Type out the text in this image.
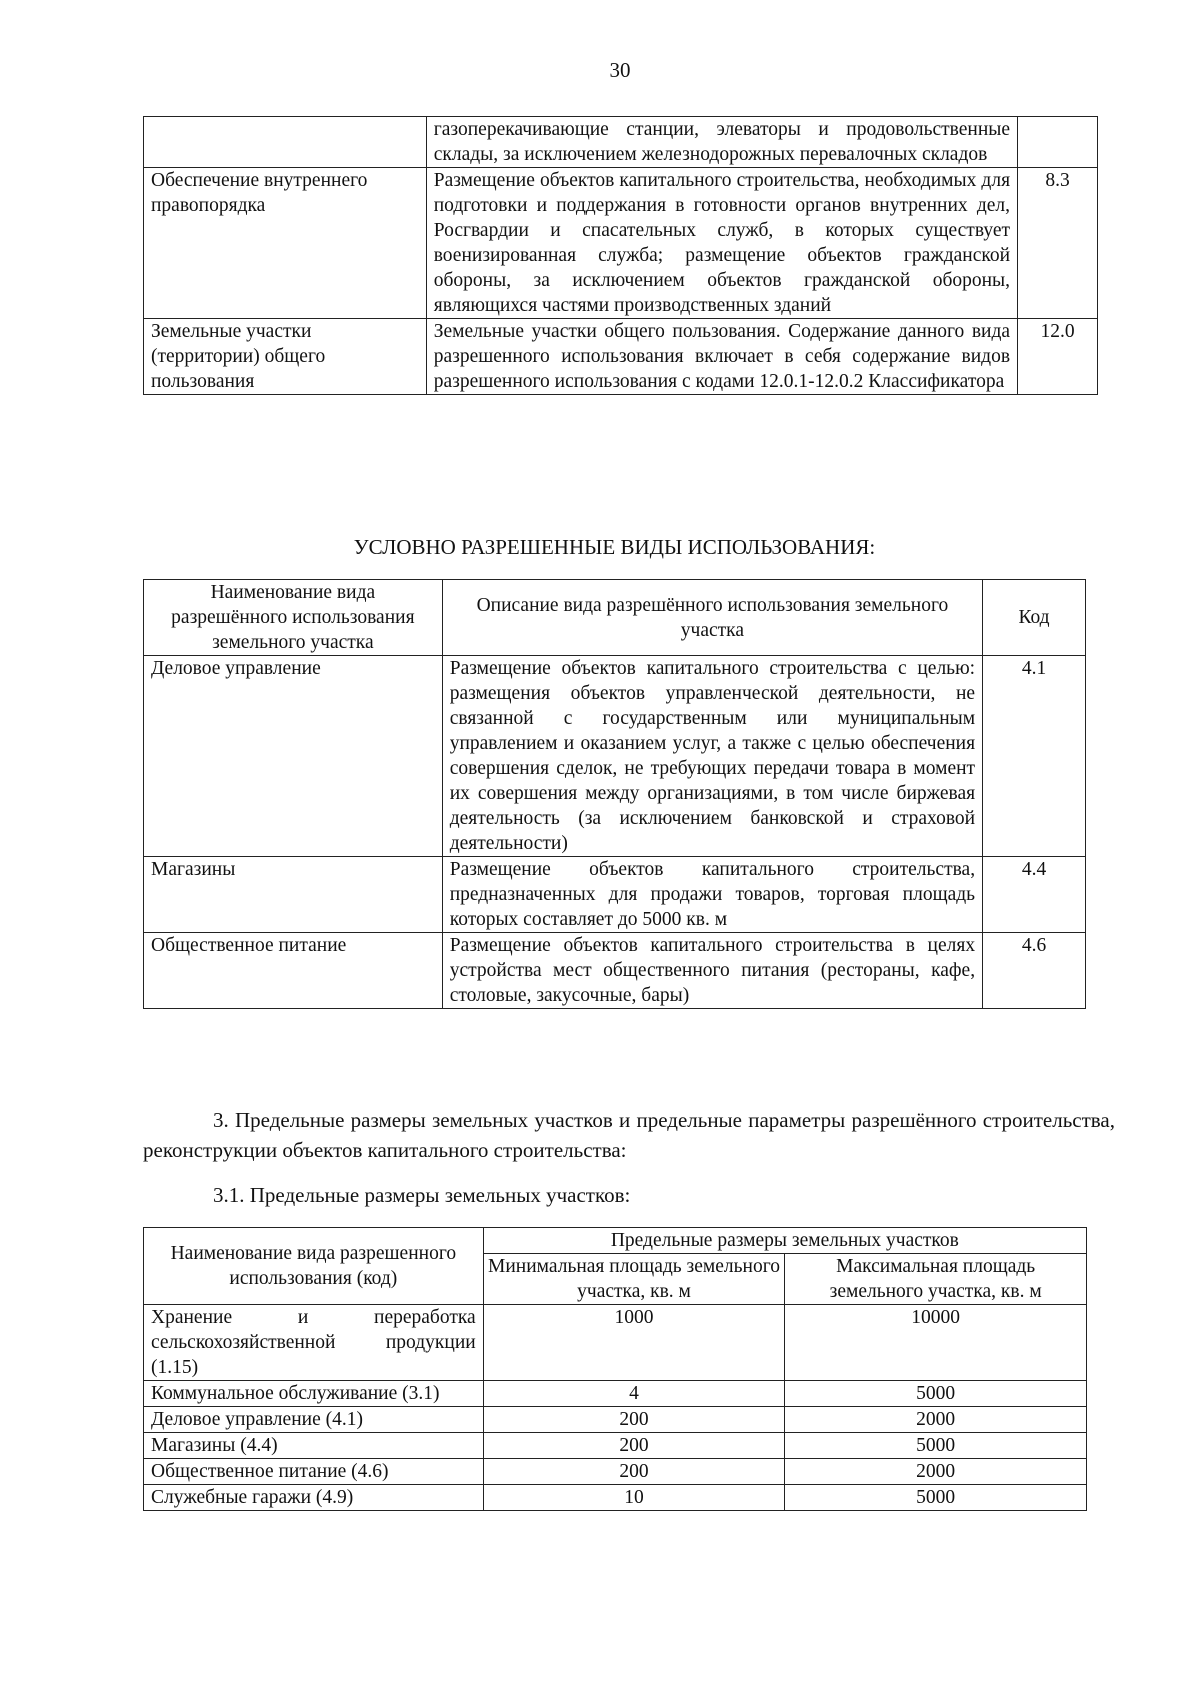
30
	газоперекачивающие станции, элеваторы и продовольственные склады, за исключением железнодорожных перевалочных складов	
Обеспечение внутреннего правопорядка	Размещение объектов капитального строительства, необходимых для подготовки и поддержания в готовности органов внутренних дел, Росгвардии и спасательных служб, в которых существует военизированная служба; размещение объектов гражданской обороны, за исключением объектов гражданской обороны, являющихся частями производственных зданий	8.3
Земельные участки (территории) общего пользования	Земельные участки общего пользования. Содержание данного вида разрешенного использования включает в себя содержание видов разрешенного использования с кодами 12.0.1-12.0.2 Классификатора	12.0
УСЛОВНО РАЗРЕШЕННЫЕ ВИДЫ ИСПОЛЬЗОВАНИЯ:
Наименование вида разрешённого использования земельного участка	Описание вида разрешённого использования земельного участка	Код
Деловое управление	Размещение объектов капитального строительства с целью: размещения объектов управленческой деятельности, не связанной с государственным или муниципальным управлением и оказанием услуг, а также с целью обеспечения совершения сделок, не требующих передачи товара в момент их совершения между организациями, в том числе биржевая деятельность (за исключением банковской и страховой деятельности)	4.1
Магазины	Размещение объектов капитального строительства, предназначенных для продажи товаров, торговая площадь которых составляет до 5000 кв. м	4.4
Общественное питание	Размещение объектов капитального строительства в целях устройства мест общественного питания (рестораны, кафе, столовые, закусочные, бары)	4.6
3. Предельные размеры земельных участков и предельные параметры разрешённого строительства, реконструкции объектов капитального строительства:
3.1. Предельные размеры земельных участков:
Наименование вида разрешенного использования (код)	Предельные размеры земельных участков	
	Минимальная площадь земельного участка, кв. м	Максимальная площадь земельного участка, кв. м
Хранение и переработка сельскохозяйственной продукции (1.15)	1000	10000
Коммунальное обслуживание (3.1)	4	5000
Деловое управление (4.1)	200	2000
Магазины (4.4)	200	5000
Общественное питание (4.6)	200	2000
Служебные гаражи (4.9)	10	5000
